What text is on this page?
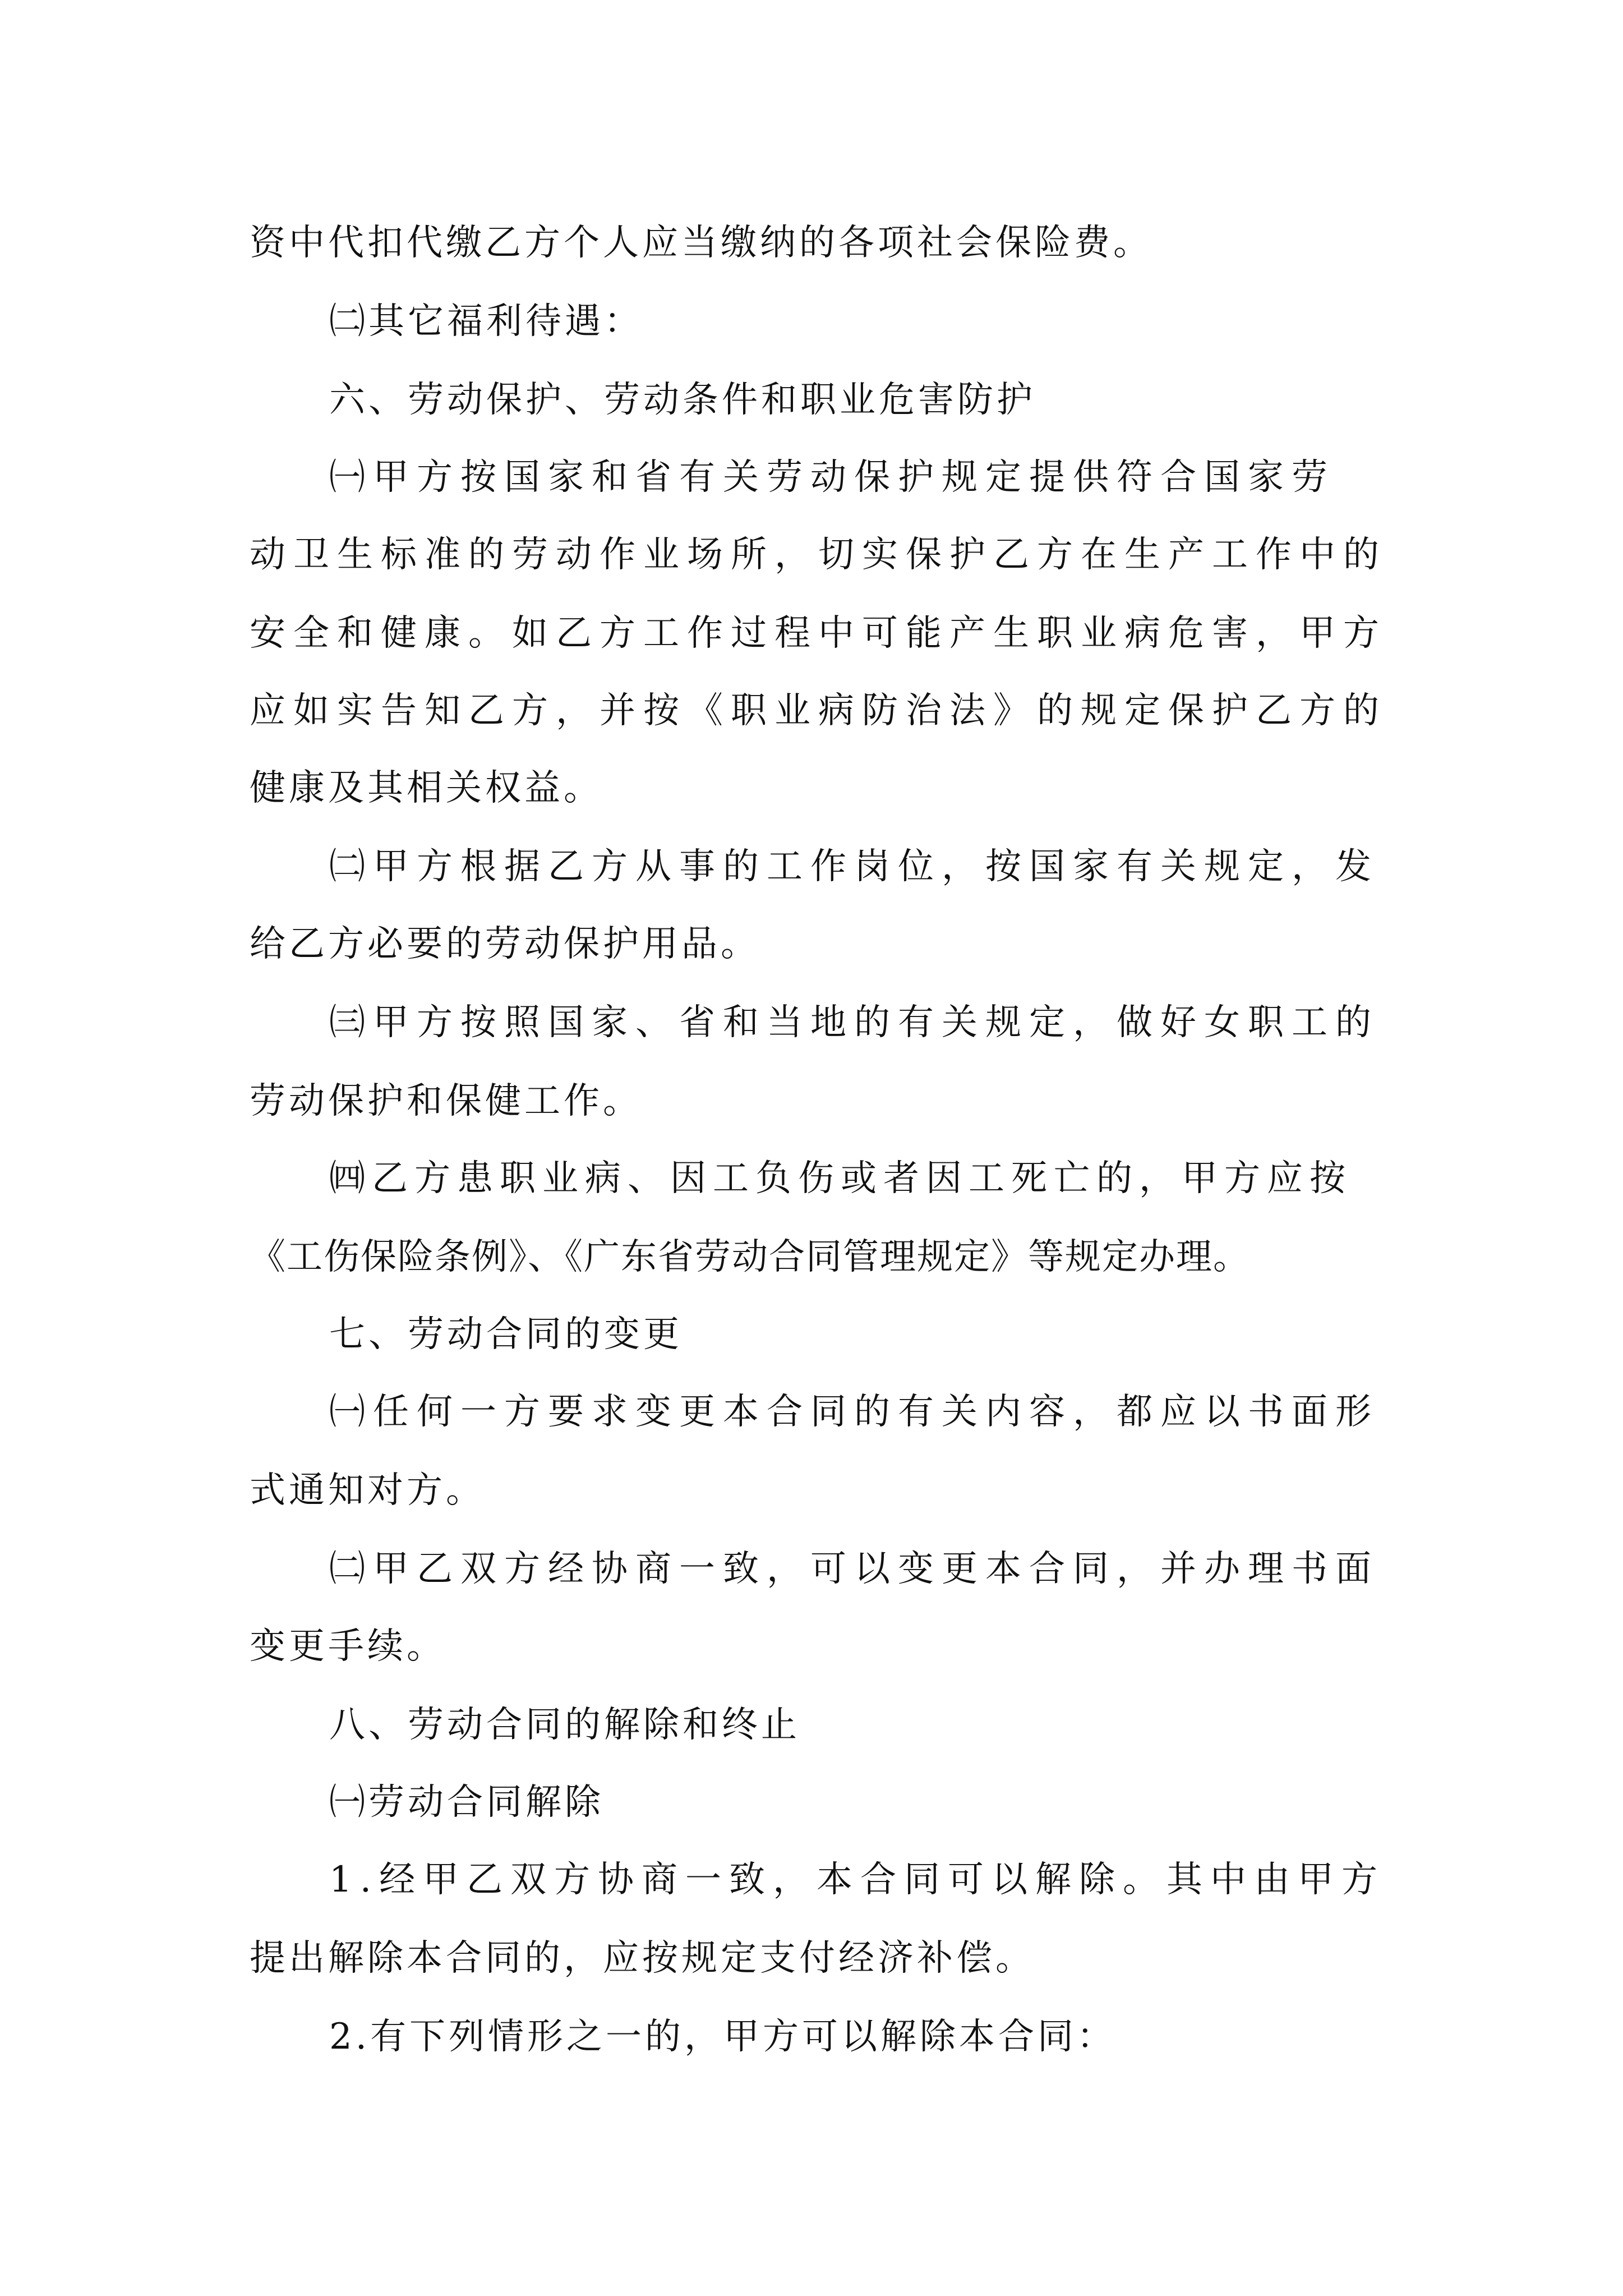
资中代扣代缴乙方个人应当缴纳的各项社会保险费。
㈡其它福利待遇：
六、劳动保护、劳动条件和职业危害防护
㈠甲方按国家和省有关劳动保护规定提供符合国家劳
动卫生标准的劳动作业场所，切实保护乙方在生产工作中的
安全和健康。如乙方工作过程中可能产生职业病危害，甲方
应如实告知乙方，并按《职业病防治法》的规定保护乙方的
健康及其相关权益。
㈡甲方根据乙方从事的工作岗位，按国家有关规定，发
给乙方必要的劳动保护用品。
㈢甲方按照国家、省和当地的有关规定，做好女职工的
劳动保护和保健工作。
㈣乙方患职业病、因工负伤或者因工死亡的，甲方应按
《工伤保险条例》、《广东省劳动合同管理规定》等规定办理。
七、劳动合同的变更
㈠任何一方要求变更本合同的有关内容，都应以书面形
式通知对方。
㈡甲乙双方经协商一致，可以变更本合同，并办理书面
变更手续。
八、劳动合同的解除和终止
㈠劳动合同解除
1.经甲乙双方协商一致，本合同可以解除。其中由甲方
提出解除本合同的，应按规定支付经济补偿。
2.有下列情形之一的，甲方可以解除本合同：
